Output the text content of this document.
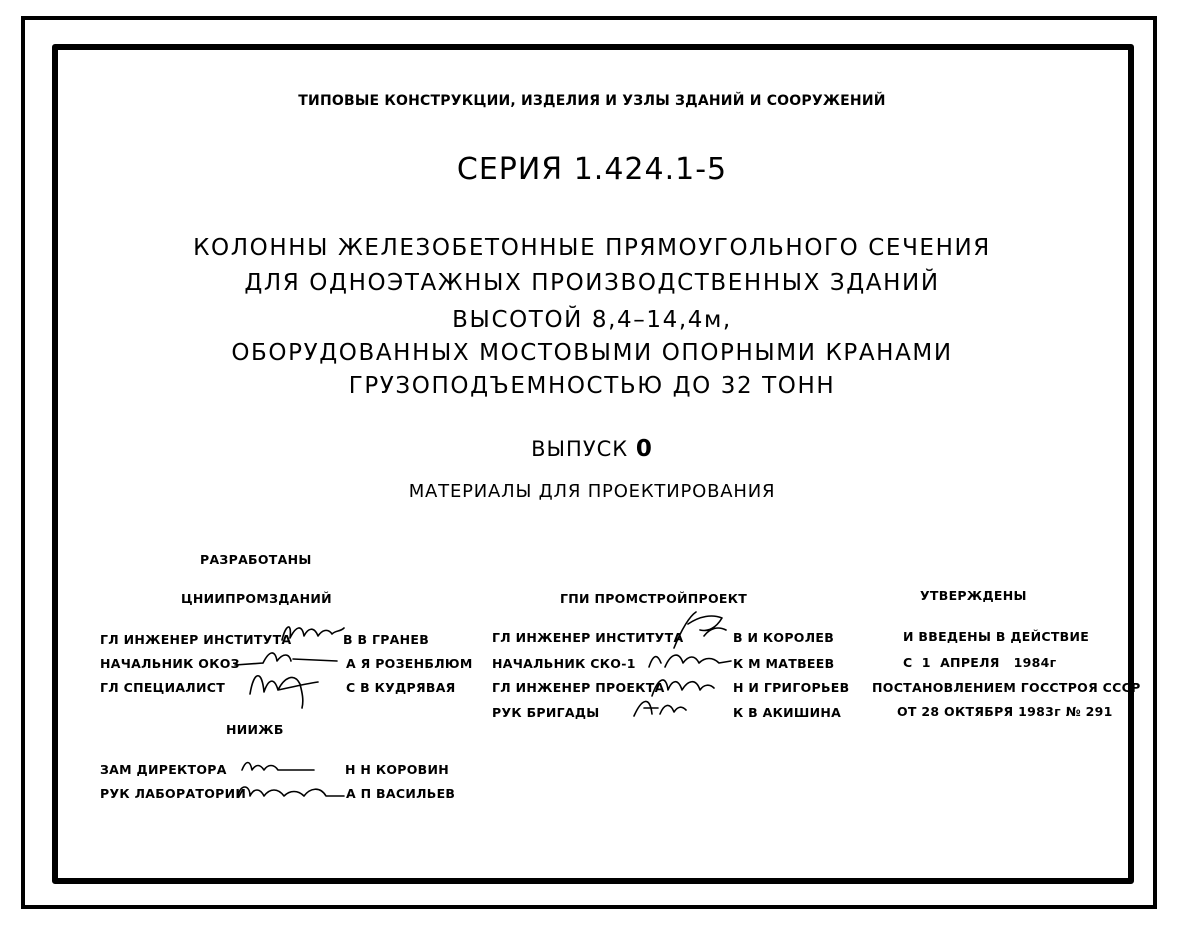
ТИПОВЫЕ КОНСТРУКЦИИ, ИЗДЕЛИЯ И УЗЛЫ ЗДАНИЙ И СООРУЖЕНИЙ
СЕРИЯ 1.424.1-5
КОЛОННЫ ЖЕЛЕЗОБЕТОННЫЕ ПРЯМОУГОЛЬНОГО СЕЧЕНИЯ
ДЛЯ ОДНОЭТАЖНЫХ ПРОИЗВОДСТВЕННЫХ ЗДАНИЙ
ВЫСОТОЙ 8,4–14,4м,
ОБОРУДОВАННЫХ МОСТОВЫМИ ОПОРНЫМИ КРАНАМИ
ГРУЗОПОДЪЕМНОСТЬЮ ДО 32 ТОНН
ВЫПУСК 0
МАТЕРИАЛЫ ДЛЯ ПРОЕКТИРОВАНИЯ
РАЗРАБОТАНЫ
ЦНИИПРОМЗДАНИЙ
ГЛ ИНЖЕНЕР ИНСТИТУТА	В В ГРАНЕВ
НАЧАЛЬНИК ОКОЗ	А Я РОЗЕНБЛЮМ
ГЛ СПЕЦИАЛИСТ	С В КУДРЯВАЯ
НИИЖБ
ЗАМ ДИРЕКТОРА	Н Н КОРОВИН
РУК ЛАБОРАТОРИИ	А П ВАСИЛЬЕВ
ГПИ ПРОМСТРОЙПРОЕКТ
ГЛ ИНЖЕНЕР ИНСТИТУТА	В И КОРОЛЕВ
НАЧАЛЬНИК СКО-1	К М МАТВЕЕВ
ГЛ ИНЖЕНЕР ПРОЕКТА	Н И ГРИГОРЬЕВ
РУК БРИГАДЫ	К В АКИШИНА
УТВЕРЖДЕНЫ
И ВВЕДЕНЫ В ДЕЙСТВИЕ
С  1  АПРЕЛЯ   1984г
ПОСТАНОВЛЕНИЕМ ГОССТРОЯ СССР
ОТ 28 ОКТЯБРЯ 1983г № 291
